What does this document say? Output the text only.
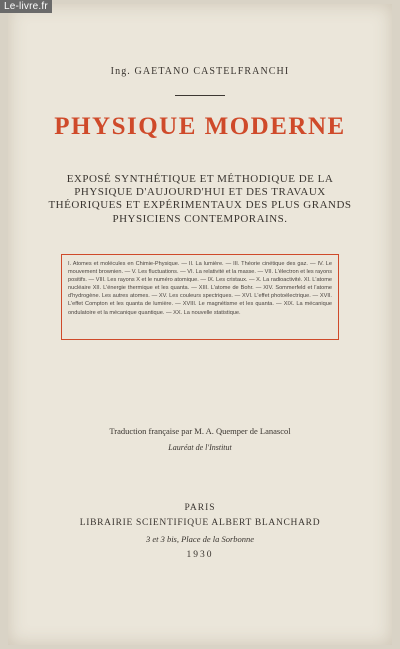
Le-livre.fr
Ing. GAETANO CASTELFRANCHI
PHYSIQUE MODERNE
EXPOSÉ SYNTHÉTIQUE ET MÉTHODIQUE DE LA PHYSIQUE D'AUJOURD'HUI ET DES TRAVAUX THÉORIQUES ET EXPÉRIMENTAUX DES PLUS GRANDS PHYSICIENS CONTEMPORAINS.
I. Atomes et molécules en Chimie-Physique. — II. La lumière. — III. Théorie cinétique des gaz. — IV. Le mouvement brownien. — V. Les fluctuations. — VI. La relativité et la masse. — VII. L'électron et les rayons positifs. — VIII. Les rayons X et le numéro atomique. — IX. Les cristaux. — X. La radioactivité. XI. L'atome nucléaire XII. L'énergie thermique et les quanta. — XIII. L'atome de Bohr. — XIV. Sommerfeld et l'atome d'hydrogène. Les autres atomes. — XV. Les couleurs spectriques. — XVI. L'effet photoélectrique. — XVII. L'effet Compton et les quanta de lumière. — XVIII. Le magnétisme et les quanta. — XIX. La mécanique ondulatoire et la mécanique quantique. — XX. La nouvelle statistique.
Traduction française par M. A. Quemper de Lanascol
Lauréat de l'Institut
PARIS
LIBRAIRIE SCIENTIFIQUE ALBERT BLANCHARD
3 et 3 bis, Place de la Sorbonne
1930
